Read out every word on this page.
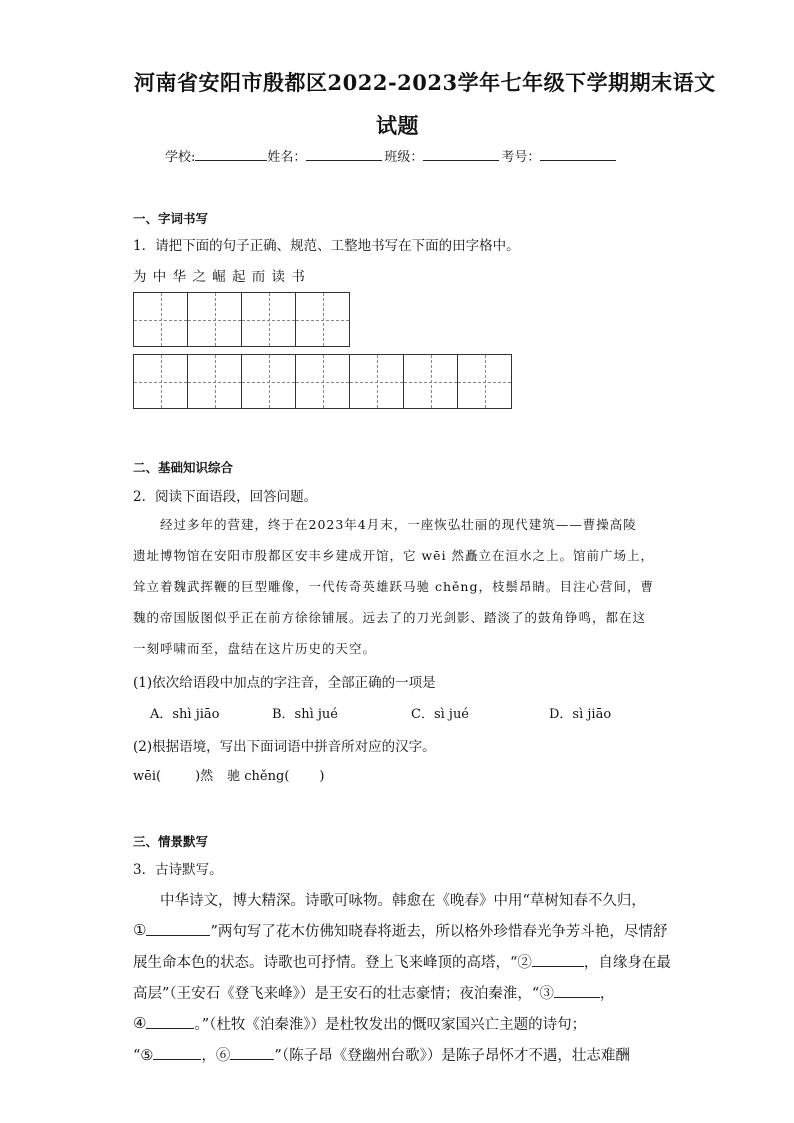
河南省安阳市殷都区2022-2023学年七年级下学期期末语文
试题
学校:	姓名：	班级：	考号：
一、字词书写
1．请把下面的句子正确、规范、工整地书写在下面的田字格中。
为 中 华 之 崛 起 而 读 书
二、基础知识综合
2．阅读下面语段，回答问题。
经过多年的营建，终于在2023年4月末，一座恢弘壮丽的现代建筑——曹操高陵
遗址博物馆在安阳市殷都区安丰乡建成开馆，它 wēi 然矗立在洹水之上。馆前广场上，
耸立着魏武挥鞭的巨型雕像，一代传奇英雄跃马驰 chěng，枝鬃昂睛。目注心营间，曹
魏的帝国版图似乎正在前方徐徐铺展。远去了的刀光剑影、踏淡了的鼓角铮鸣，都在这
一刻呼啸而至，盘结在这片历史的天空。
(1)依次给语段中加点的字注音，全部正确的一项是
A．shì jiāo	B．shì jué	C．sì jué	D．sì jiāo
(2)根据语境，写出下面词语中拼音所对应的汉字。
wēi(	)然 驰 chěng( )
三、情景默写
3．古诗默写。
中华诗文，博大精深。诗歌可咏物。韩愈在《晚春》中用“草树知春不久归，
①	”两句写了花木仿佛知晓春将逝去，所以格外珍惜春光争芳斗艳，尽情舒
展生命本色的状态。诗歌也可抒情。登上飞来峰顶的高塔，“②	，自缘身在最
高层”（王安石《登飞来峰》）是王安石的壮志豪情；夜泊秦淮，“③	，
④	。”（杜牧《泊秦淮》）是杜牧发出的慨叹家国兴亡主题的诗句；
“⑤	，⑥	”（陈子昂《登幽州台歌》）是陈子昂怀才不遇，壮志难酬
